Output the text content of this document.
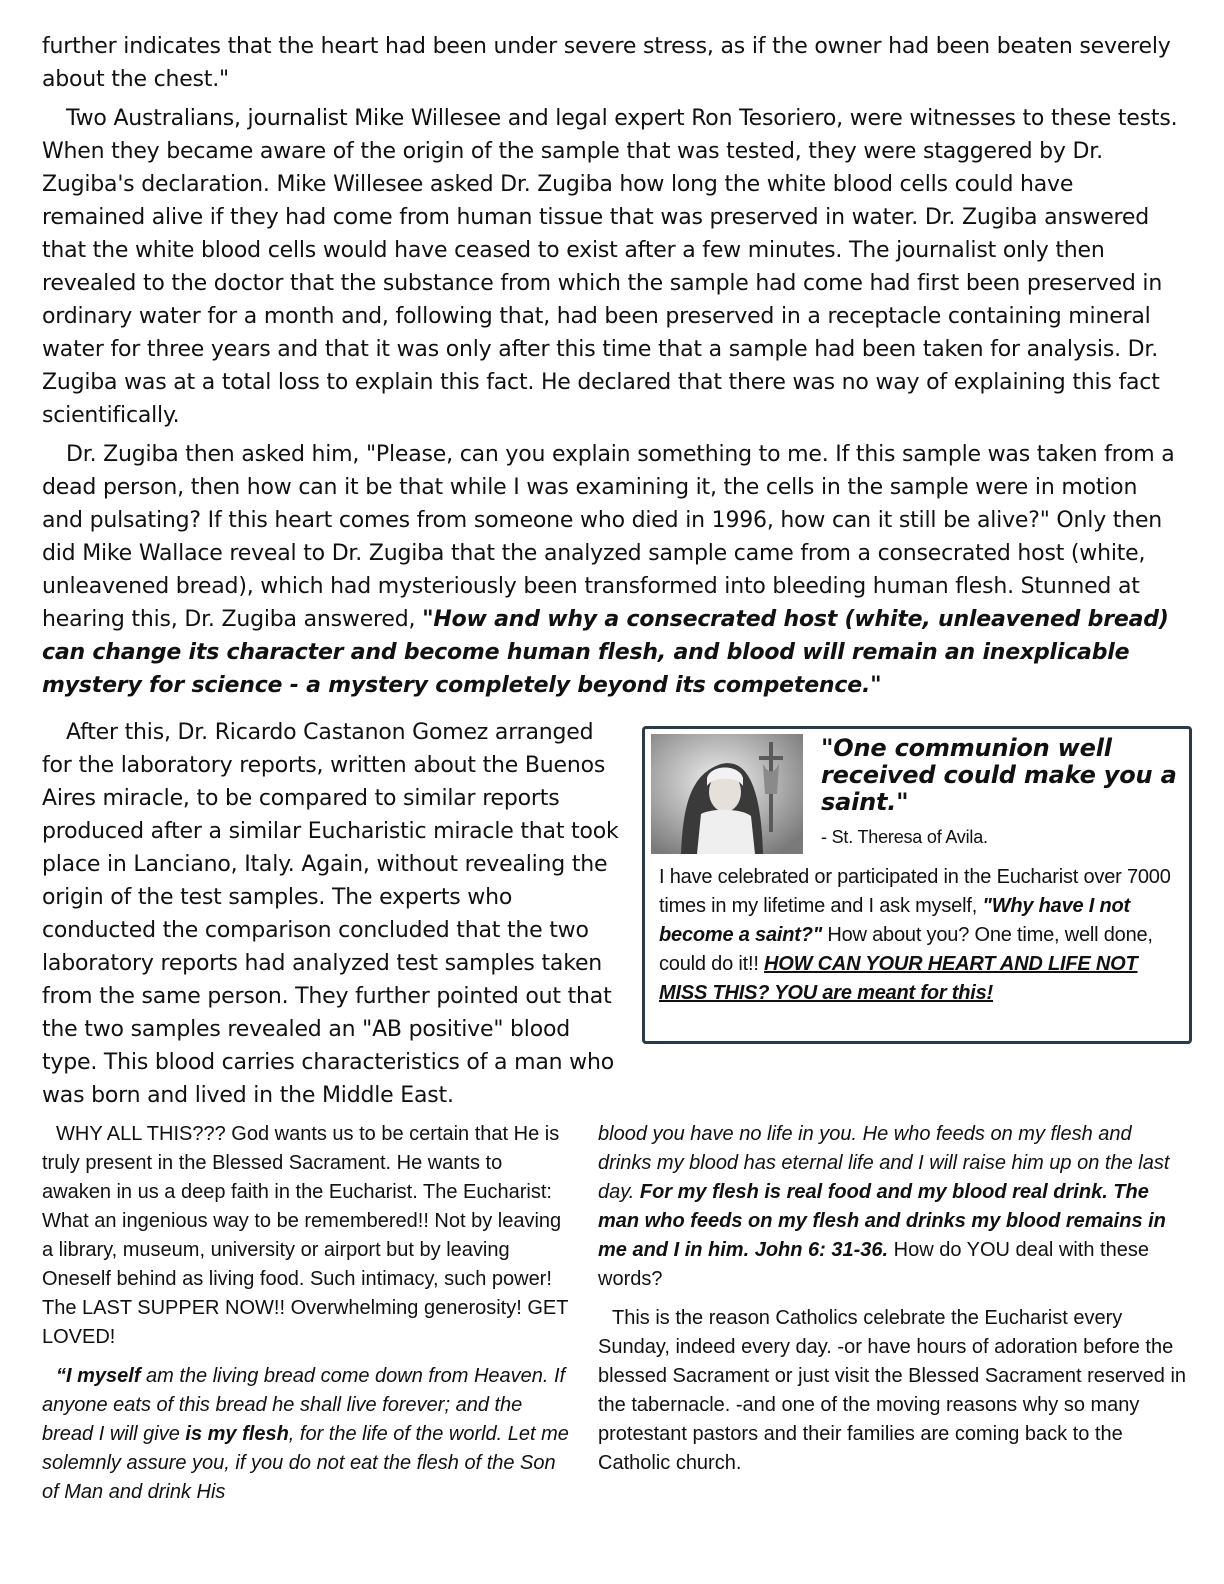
further indicates that the heart had been under severe stress, as if the owner had been beaten severely about the chest."

Two Australians, journalist Mike Willesee and legal expert Ron Tesoriero, were witnesses to these tests. When they became aware of the origin of the sample that was tested, they were staggered by Dr. Zugiba's declaration. Mike Willesee asked Dr. Zugiba how long the white blood cells could have remained alive if they had come from human tissue that was preserved in water. Dr. Zugiba answered that the white blood cells would have ceased to exist after a few minutes. The journalist only then revealed to the doctor that the substance from which the sample had come had first been preserved in ordinary water for a month and, following that, had been preserved in a receptacle containing mineral water for three years and that it was only after this time that a sample had been taken for analysis. Dr. Zugiba was at a total loss to explain this fact. He declared that there was no way of explaining this fact scientifically.

Dr. Zugiba then asked him, "Please, can you explain something to me. If this sample was taken from a dead person, then how can it be that while I was examining it, the cells in the sample were in motion and pulsating? If this heart comes from someone who died in 1996, how can it still be alive?" Only then did Mike Wallace reveal to Dr. Zugiba that the analyzed sample came from a consecrated host (white, unleavened bread), which had mysteriously been transformed into bleeding human flesh. Stunned at hearing this, Dr. Zugiba answered, "How and why a consecrated host (white, unleavened bread) can change its character and become human flesh, and blood will remain an inexplicable mystery for science - a mystery completely beyond its competence."

"One communion well received could make you a saint."
- St. Theresa of Avila.
I have celebrated or participated in the Eucharist over 7000 times in my lifetime and I ask myself, "Why have I not become a saint?" How about you? One time, well done, could do it!! HOW CAN YOUR HEART AND LIFE NOT MISS THIS? YOU are meant for this!

After this, Dr. Ricardo Castanon Gomez arranged for the laboratory reports, written about the Buenos Aires miracle, to be compared to similar reports produced after a similar Eucharistic miracle that took place in Lanciano, Italy. Again, without revealing the origin of the test samples. The experts who conducted the comparison concluded that the two laboratory reports had analyzed test samples taken from the same person. They further pointed out that the two samples revealed an "AB positive" blood type. This blood carries characteristics of a man who was born and lived in the Middle East.

WHY ALL THIS??? God wants us to be certain that He is truly present in the Blessed Sacrament. He wants to awaken in us a deep faith in the Eucharist. The Eucharist: What an ingenious way to be remembered!! Not by leaving a library, museum, university or airport but by leaving Oneself behind as living food. Such intimacy, such power! The LAST SUPPER NOW!! Overwhelming generosity! GET LOVED!

“I myself am the living bread come down from Heaven. If anyone eats of this bread he shall live forever; and the bread I will give is my flesh, for the life of the world. Let me solemnly assure you, if you do not eat the flesh of the Son of Man and drink His

blood you have no life in you. He who feeds on my flesh and drinks my blood has eternal life and I will raise him up on the last day. For my flesh is real food and my blood real drink. The man who feeds on my flesh and drinks my blood remains in me and I in him. John 6: 31-36. How do YOU deal with these words?

This is the reason Catholics celebrate the Eucharist every Sunday, indeed every day. -or have hours of adoration before the blessed Sacrament or just visit the Blessed Sacrament reserved in the tabernacle. -and one of the moving reasons why so many protestant pastors and their families are coming back to the Catholic church.
